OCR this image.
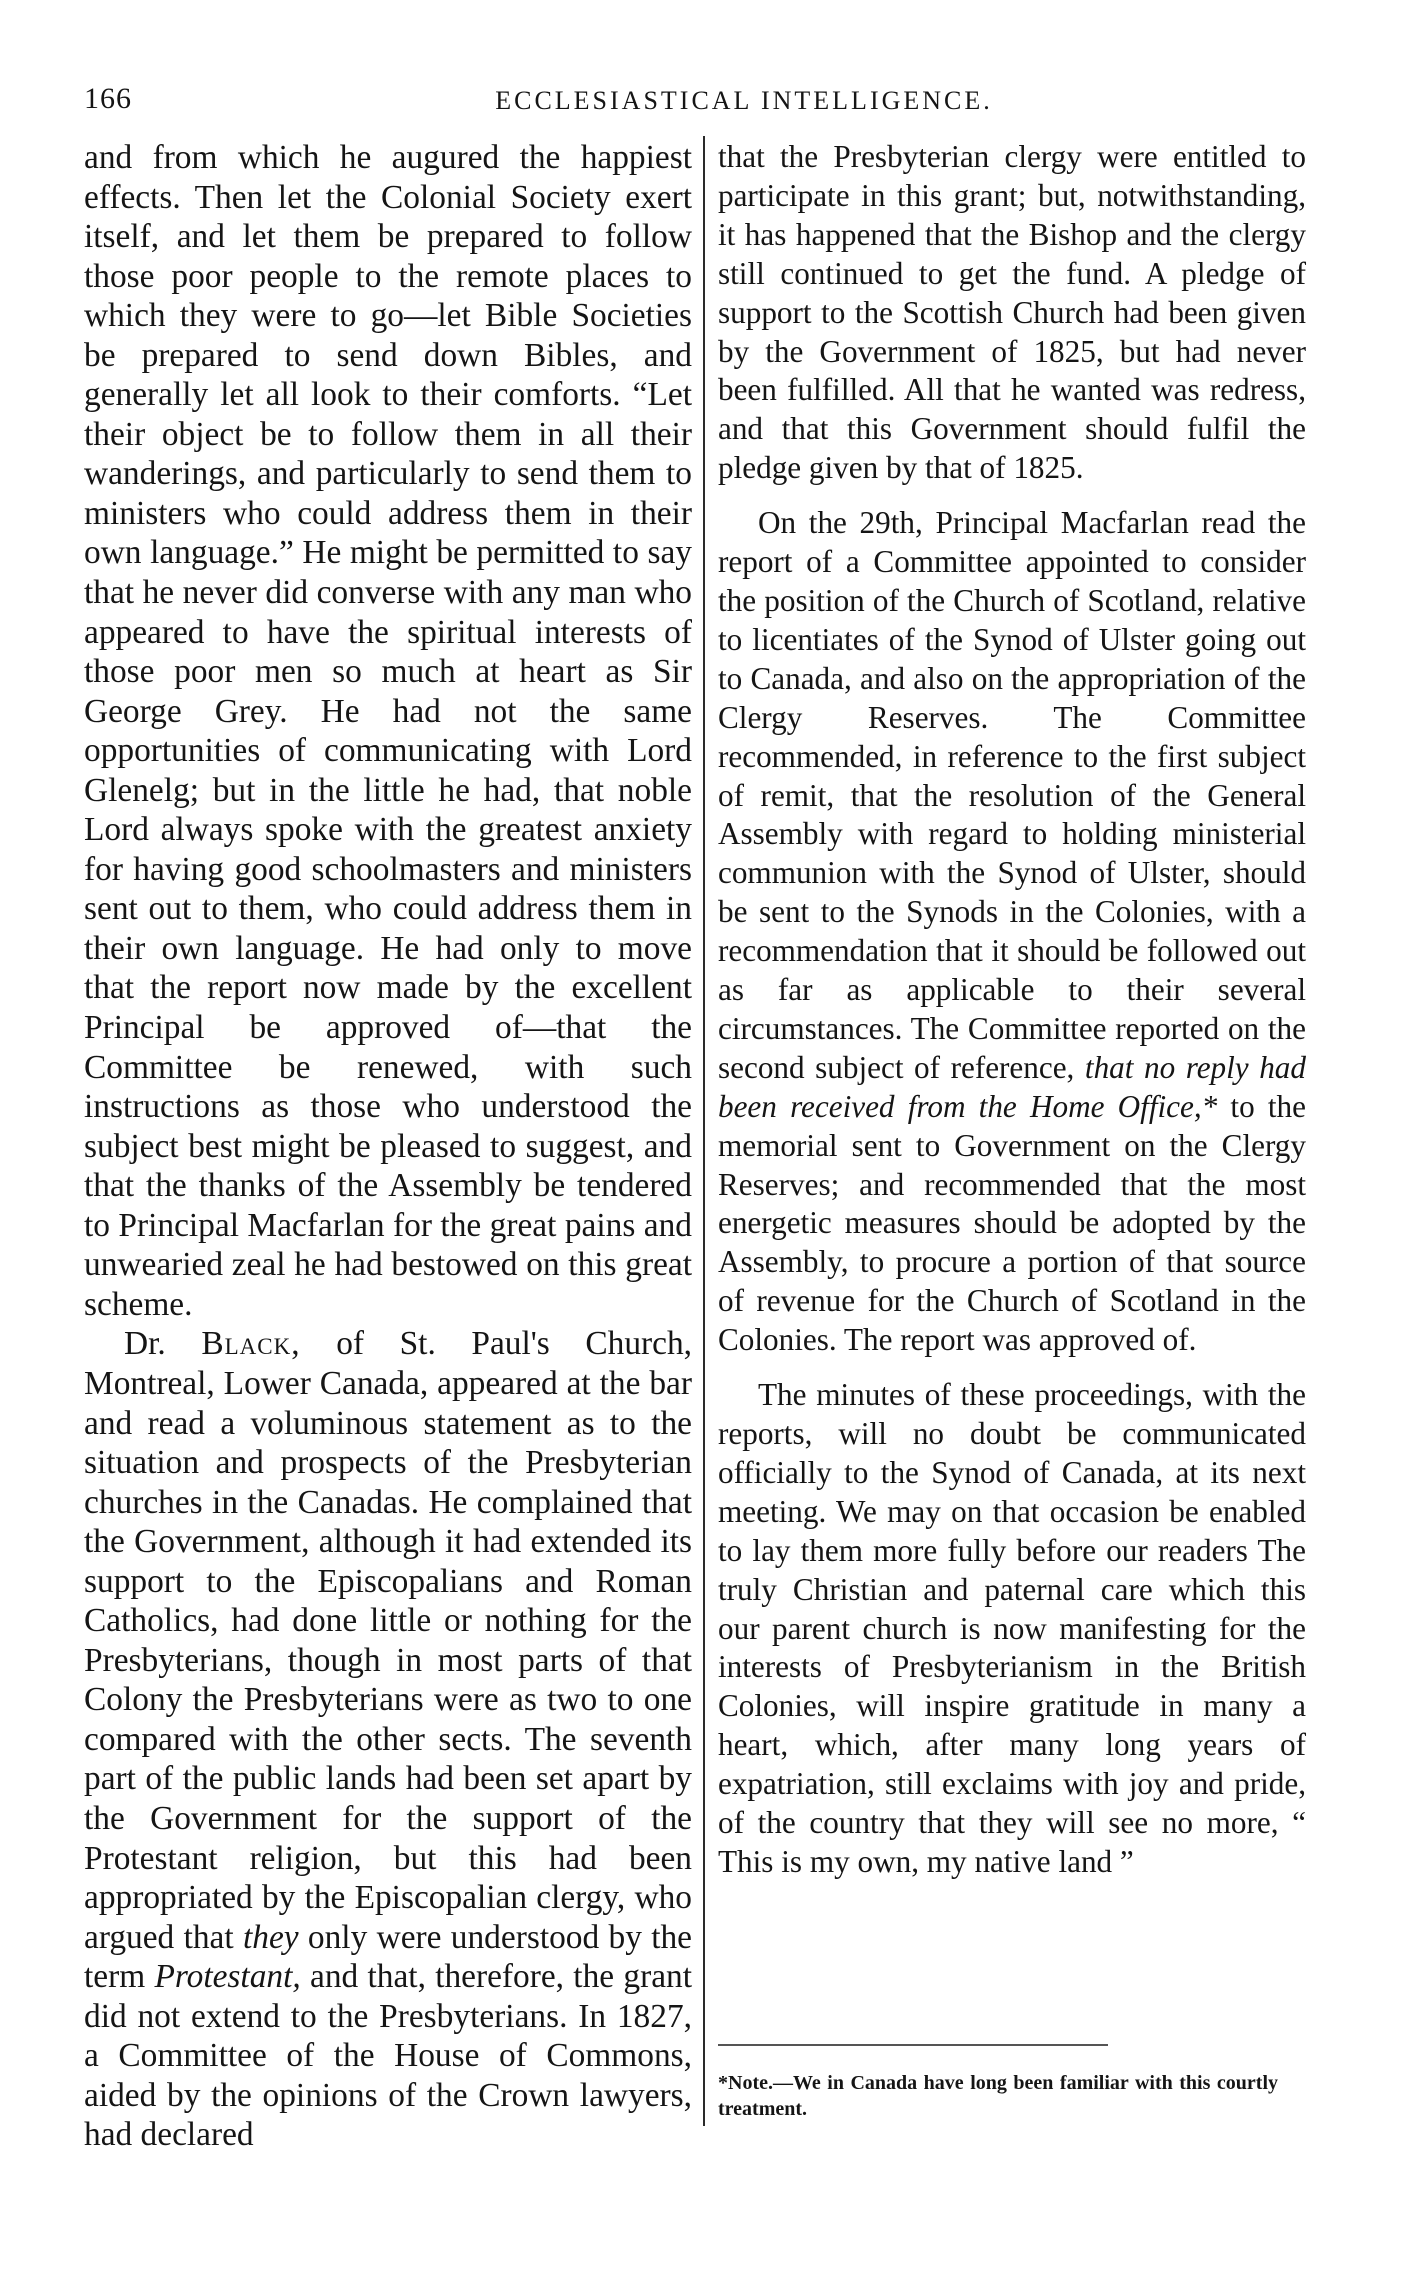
166	ECCLESIASTICAL INTELLIGENCE.

and from which he augured the happiest effects. Then let the Colonial Society exert itself, and let them be prepared to follow those poor people to the remote places to which they were to go—let Bible Societies be prepared to send down Bibles, and generally let all look to their comforts. “Let their object be to follow them in all their wanderings, and particularly to send them to ministers who could address them in their own language.” He might be permitted to say that he never did converse with any man who appeared to have the spiritual interests of those poor men so much at heart as Sir George Grey. He had not the same opportunities of communicating with Lord Glenelg; but in the little he had, that noble Lord always spoke with the greatest anxiety for having good schoolmasters and ministers sent out to them, who could address them in their own language. He had only to move that the report now made by the excellent Principal be approved of—that the Committee be renewed, with such instructions as those who understood the subject best might be pleased to suggest, and that the thanks of the Assembly be tendered to Principal Macfarlan for the great pains and unwearied zeal he had bestowed on this great scheme.

Dr. Black, of St. Paul's Church, Montreal, Lower Canada, appeared at the bar and read a voluminous statement as to the situation and prospects of the Presbyterian churches in the Canadas. He complained that the Government, although it had extended its support to the Episcopalians and Roman Catholics, had done little or nothing for the Presbyterians, though in most parts of that Colony the Presbyterians were as two to one compared with the other sects. The seventh part of the public lands had been set apart by the Government for the support of the Protestant religion, but this had been appropriated by the Episcopalian clergy, who argued that they only were understood by the term Protestant, and that, therefore, the grant did not extend to the Presbyterians. In 1827, a Committee of the House of Commons, aided by the opinions of the Crown lawyers, had declared

that the Presbyterian clergy were entitled to participate in this grant; but, notwithstanding, it has happened that the Bishop and the clergy still continued to get the fund. A pledge of support to the Scottish Church had been given by the Government of 1825, but had never been fulfilled. All that he wanted was redress, and that this Government should fulfil the pledge given by that of 1825.

On the 29th, Principal Macfarlan read the report of a Committee appointed to consider the position of the Church of Scotland, relative to licentiates of the Synod of Ulster going out to Canada, and also on the appropriation of the Clergy Reserves. The Committee recommended, in reference to the first subject of remit, that the resolution of the General Assembly with regard to holding ministerial communion with the Synod of Ulster, should be sent to the Synods in the Colonies, with a recommendation that it should be followed out as far as applicable to their several circumstances. The Committee reported on the second subject of reference, that no reply had been received from the Home Office,* to the memorial sent to Government on the Clergy Reserves; and recommended that the most energetic measures should be adopted by the Assembly, to procure a portion of that source of revenue for the Church of Scotland in the Colonies. The report was approved of.

The minutes of these proceedings, with the reports, will no doubt be communicated officially to the Synod of Canada, at its next meeting. We may on that occasion be enabled to lay them more fully before our readers The truly Christian and paternal care which this our parent church is now manifesting for the interests of Presbyterianism in the British Colonies, will inspire gratitude in many a heart, which, after many long years of expatriation, still exclaims with joy and pride, of the country that they will see no more, “ This is my own, my native land ”

*Note.—We in Canada have long been familiar with this courtly treatment.
